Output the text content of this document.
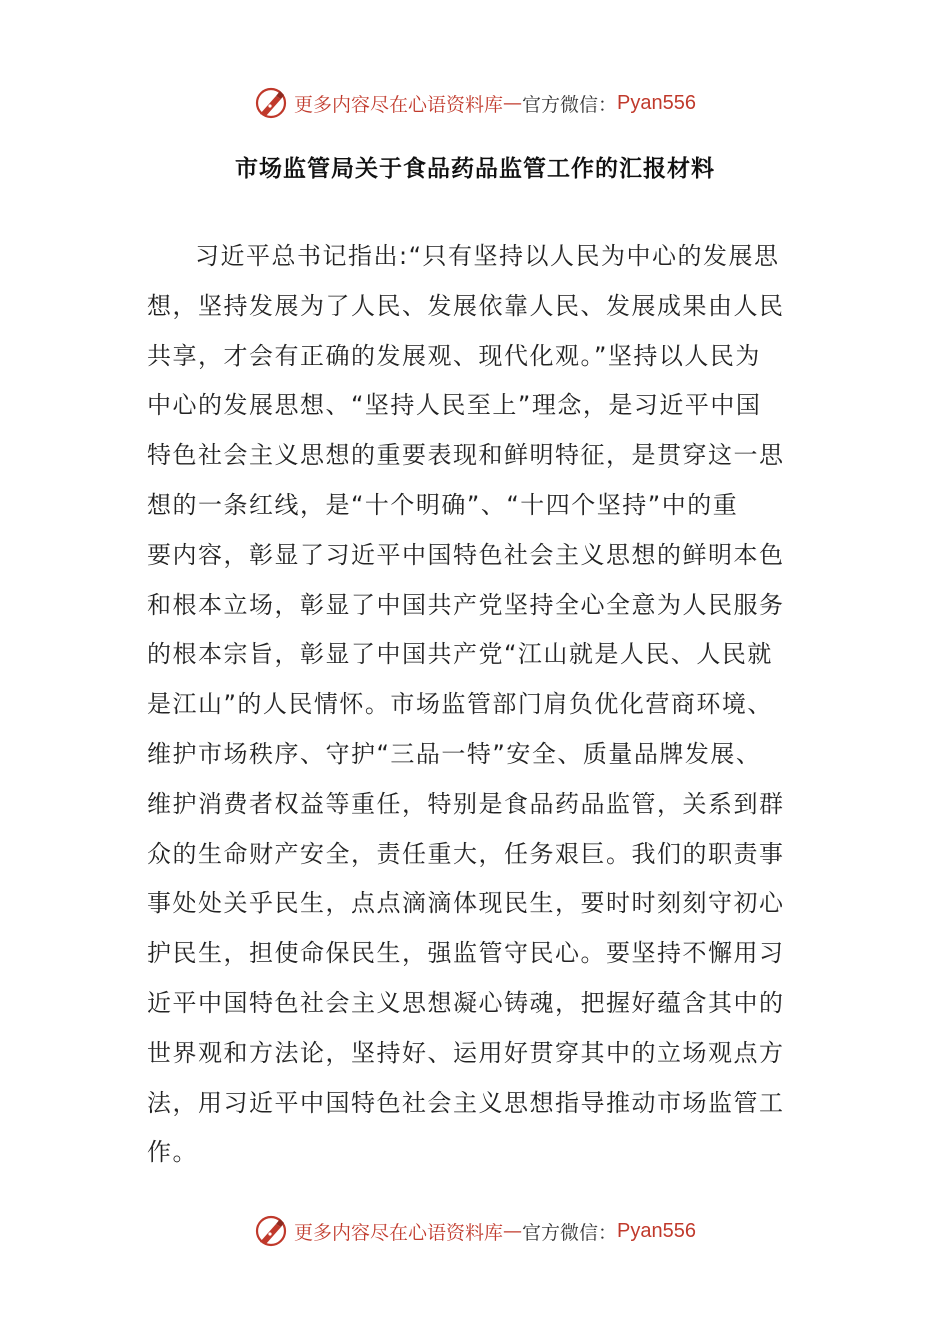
更多内容尽在心语资料库 — 官方微信： Pyan556
市场监管局关于食品药品监管工作的汇报材料
习近平总书记指出:“只有坚持以人民为中心的发展思
想，坚持发展为了人民、发展依靠人民、发展成果由人民
共享，才会有正确的发展观、现代化观。”坚持以人民为
中心的发展思想、“坚持人民至上”理念，是习近平中国
特色社会主义思想的重要表现和鲜明特征，是贯穿这一思
想的一条红线，是“十个明确”、“十四个坚持”中的重
要内容，彰显了习近平中国特色社会主义思想的鲜明本色
和根本立场，彰显了中国共产党坚持全心全意为人民服务
的根本宗旨，彰显了中国共产党“江山就是人民、人民就
是江山”的人民情怀。市场监管部门肩负优化营商环境、
维护市场秩序、守护“三品一特”安全、质量品牌发展、
维护消费者权益等重任，特别是食品药品监管，关系到群
众的生命财产安全，责任重大，任务艰巨。我们的职责事
事处处关乎民生，点点滴滴体现民生，要时时刻刻守初心
护民生，担使命保民生，强监管守民心。要坚持不懈用习
近平中国特色社会主义思想凝心铸魂，把握好蕴含其中的
世界观和方法论，坚持好、运用好贯穿其中的立场观点方
法，用习近平中国特色社会主义思想指导推动市场监管工
作。
更多内容尽在心语资料库 — 官方微信： Pyan556
